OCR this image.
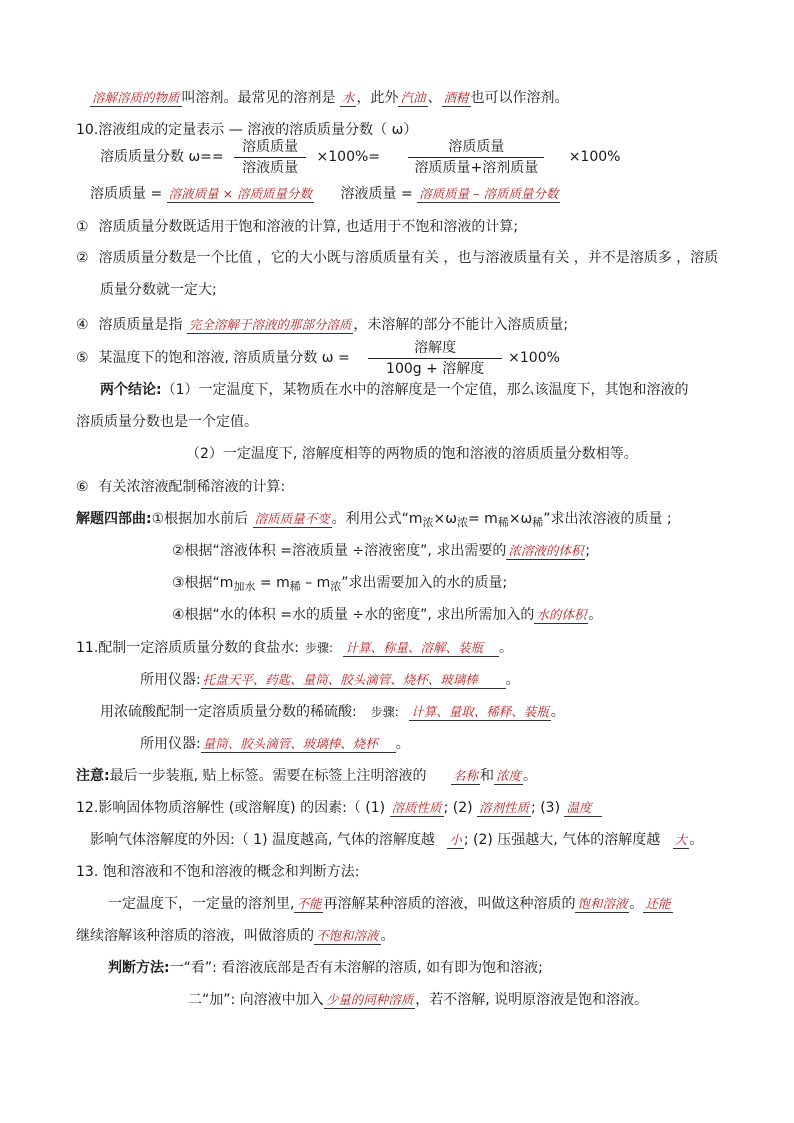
溶解溶质的物质 叫溶剂。最常见的溶剂是 水 ，此外 汽油 、 酒精 也可以作溶剂。
10.溶液组成的定量表示 — 溶液的溶质质量分数（ ω）
溶质质量分数 $\omega== \frac{\text{溶质质量}}{\text{溶液质量}} \times 100\%= \frac{\text{溶质质量}}{\text{溶质质量+溶剂质量}} \times 100\%$
溶质质量 = 溶液质量 × 溶质质量分数 溶液质量 = 溶质质量 – 溶质质量分数
① 溶质质量分数既适用于饱和溶液的计算, 也适用于不饱和溶液的计算;
② 溶质质量分数是一个比值 ，它的大小既与溶质质量有关 ，也与溶液质量有关 ，并不是溶质多 ，溶质
质量分数就一定大;
④ 溶质质量是指 完全溶解于溶液的那部分溶质 ，未溶解的部分不能计入溶质质量;
⑤ 某温度下的饱和溶液, 溶质质量分数 $\omega = \frac{\text{溶解度}}{\text{100g + 溶解度}} \times 100\%$
两个结论:（1）一定温度下，某物质在水中的溶解度是一个定值，那么该温度下，其饱和溶液的
溶质质量分数也是一个定值。
（2）一定温度下, 溶解度相等的两物质的饱和溶液的溶质质量分数相等。
⑥ 有关浓溶液配制稀溶液的计算:
解题四部曲:①根据加水前后 溶质质量不变 。利用公式“$m_浓\times\omega_浓= m_稀\times\omega_稀$”求出浓溶液的质量 ;
②根据“溶液体积 =溶液质量 ÷溶液密度”, 求出需要的 浓溶液的体积 ;
③根据“$m_{加水} = m_稀 - m_浓$”求出需要加入的水的质量;
④根据“水的体积 =水的质量 ÷水的密度”, 求出所需加入的 水的体积 。
11.配制一定溶质质量分数的食盐水: 步骤: 计算、称量、溶解、装瓶 。
所用仪器: 托盘天平、药匙、量筒、胶头滴管、烧杯、玻璃棒 。
用浓硫酸配制一定溶质质量分数的稀硫酸: 步骤: 计算、量取、稀释、装瓶 。
所用仪器: 量筒、胶头滴管、玻璃棒、烧杯 。
注意:最后一步装瓶, 贴上标签。需要在标签上注明溶液的 名称 和 浓度 。
12.影响固体物质溶解性 (或溶解度) 的因素:（ (1) 溶质性质 ; (2) 溶剂性质 ; (3) 温度
影响气体溶解度的外因:（ 1) 温度越高, 气体的溶解度越 小 ; (2) 压强越大, 气体的溶解度越 大 。
13. 饱和溶液和不饱和溶液的概念和判断方法:
一定温度下，一定量的溶剂里, 不能 再溶解某种溶质的溶液，叫做这种溶质的 饱和溶液 。 还能
继续溶解该种溶质的溶液，叫做溶质的 不饱和溶液 。
判断方法:一“看”: 看溶液底部是否有未溶解的溶质, 如有即为饱和溶液;
二“加”: 向溶液中加入 少量的同种溶质 ，若不溶解, 说明原溶液是饱和溶液。
